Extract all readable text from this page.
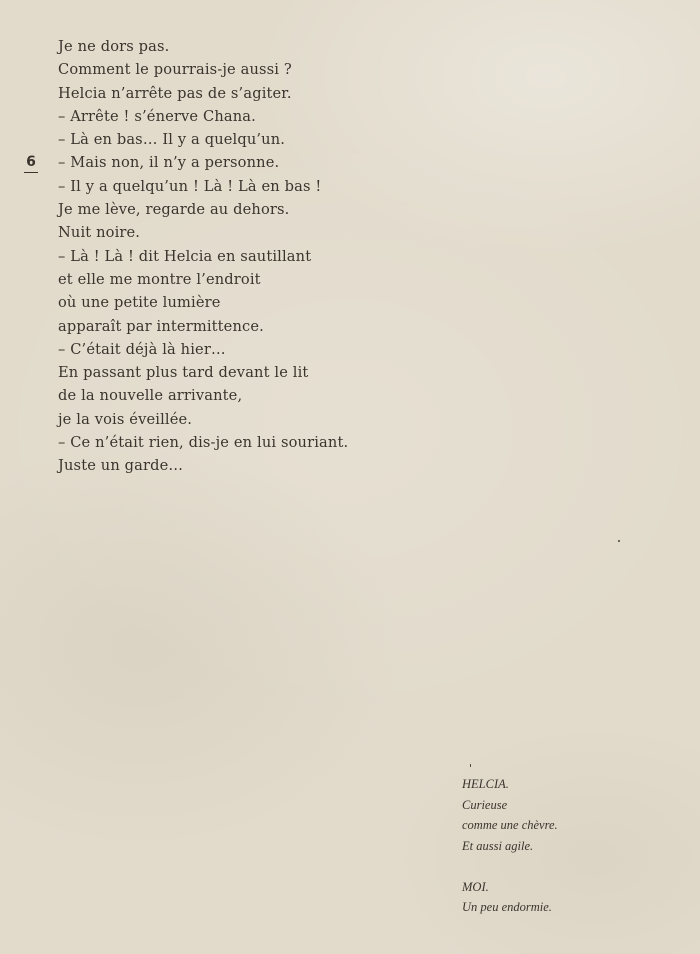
6
Je ne dors pas.
Comment le pourrais-je aussi ?
Helcia n’arrête pas de s’agiter.
– Arrête ! s’énerve Chana.
– Là en bas… Il y a quelqu’un.
– Mais non, il n’y a personne.
– Il y a quelqu’un ! Là ! Là en bas !
Je me lève, regarde au dehors.
Nuit noire.
– Là ! Là ! dit Helcia en sautillant
et elle me montre l’endroit
où une petite lumière
apparaît par intermittence.
– C’était déjà là hier…
En passant plus tard devant le lit
de la nouvelle arrivante,
je la vois éveillée.
– Ce n’était rien, dis-je en lui souriant.
Juste un garde…
HELCIA.
Curieuse
comme une chèvre.
Et aussi agile.
MOI.
Un peu endormie.
